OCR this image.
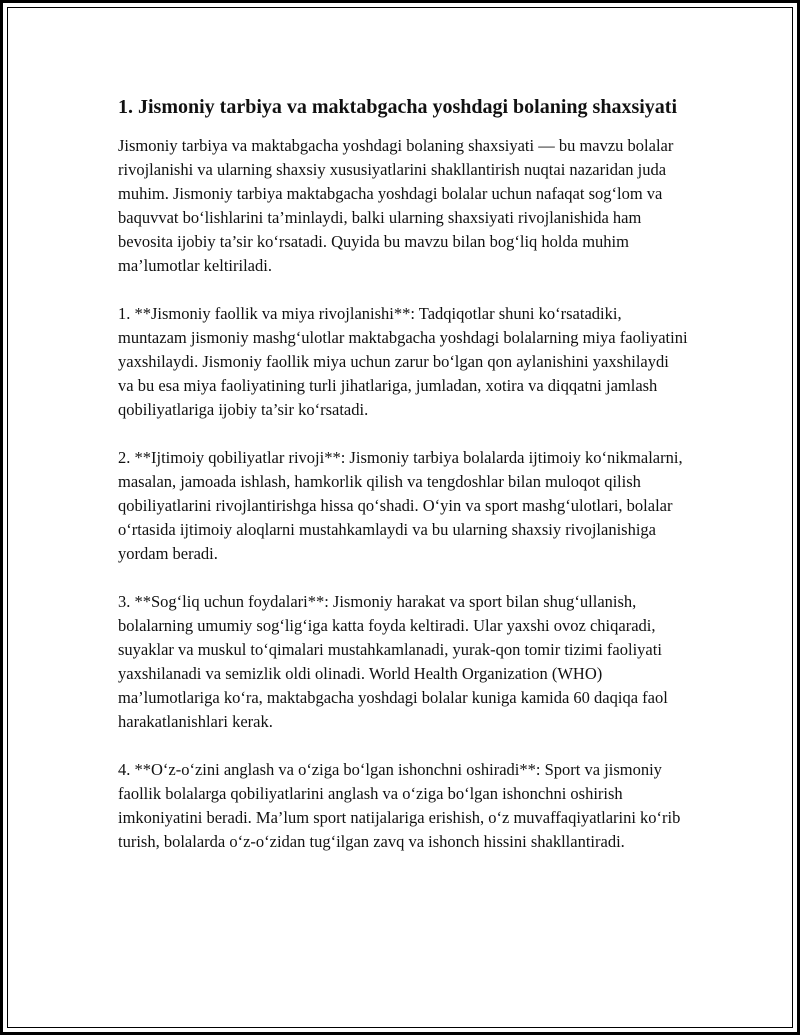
1. Jismoniy tarbiya va maktabgacha yoshdagi bolaning shaxsiyati

Jismoniy tarbiya va maktabgacha yoshdagi bolaning shaxsiyati — bu mavzu bolalar rivojlanishi va ularning shaxsiy xususiyatlarini shakllantirish nuqtai nazaridan juda muhim. Jismoniy tarbiya maktabgacha yoshdagi bolalar uchun nafaqat sog‘lom va baquvvat bo‘lishlarini ta’minlaydi, balki ularning shaxsiyati rivojlanishida ham bevosita ijobiy ta’sir ko‘rsatadi. Quyida bu mavzu bilan bog‘liq holda muhim ma’lumotlar keltiriladi.

1. **Jismoniy faollik va miya rivojlanishi**: Tadqiqotlar shuni ko‘rsatadiki, muntazam jismoniy mashg‘ulotlar maktabgacha yoshdagi bolalarning miya faoliyatini yaxshilaydi. Jismoniy faollik miya uchun zarur bo‘lgan qon aylanishini yaxshilaydi va bu esa miya faoliyatining turli jihatlariga, jumladan, xotira va diqqatni jamlash qobiliyatlariga ijobiy ta’sir ko‘rsatadi.

2. **Ijtimoiy qobiliyatlar rivoji**: Jismoniy tarbiya bolalarda ijtimoiy ko‘nikmalarni, masalan, jamoada ishlash, hamkorlik qilish va tengdoshlar bilan muloqot qilish qobiliyatlarini rivojlantirishga hissa qo‘shadi. O‘yin va sport mashg‘ulotlari, bolalar o‘rtasida ijtimoiy aloqlarni mustahkamlaydi va bu ularning shaxsiy rivojlanishiga yordam beradi.

3. **Sog‘liq uchun foydalari**: Jismoniy harakat va sport bilan shug‘ullanish, bolalarning umumiy sog‘lig‘iga katta foyda keltiradi. Ular yaxshi ovoz chiqaradi, suyaklar va muskul to‘qimalari mustahkamlanadi, yurak-qon tomir tizimi faoliyati yaxshilanadi va semizlik oldi olinadi. World Health Organization (WHO) ma’lumotlariga ko‘ra, maktabgacha yoshdagi bolalar kuniga kamida 60 daqiqa faol harakatlanishlari kerak.

4. **O‘z-o‘zini anglash va o‘ziga bo‘lgan ishonchni oshiradi**: Sport va jismoniy faollik bolalarga qobiliyatlarini anglash va o‘ziga bo‘lgan ishonchni oshirish imkoniyatini beradi. Ma’lum sport natijalariga erishish, o‘z muvaffaqiyatlarini ko‘rib turish, bolalarda o‘z-o‘zidan tug‘ilgan zavq va ishonch hissini shakllantiradi.
